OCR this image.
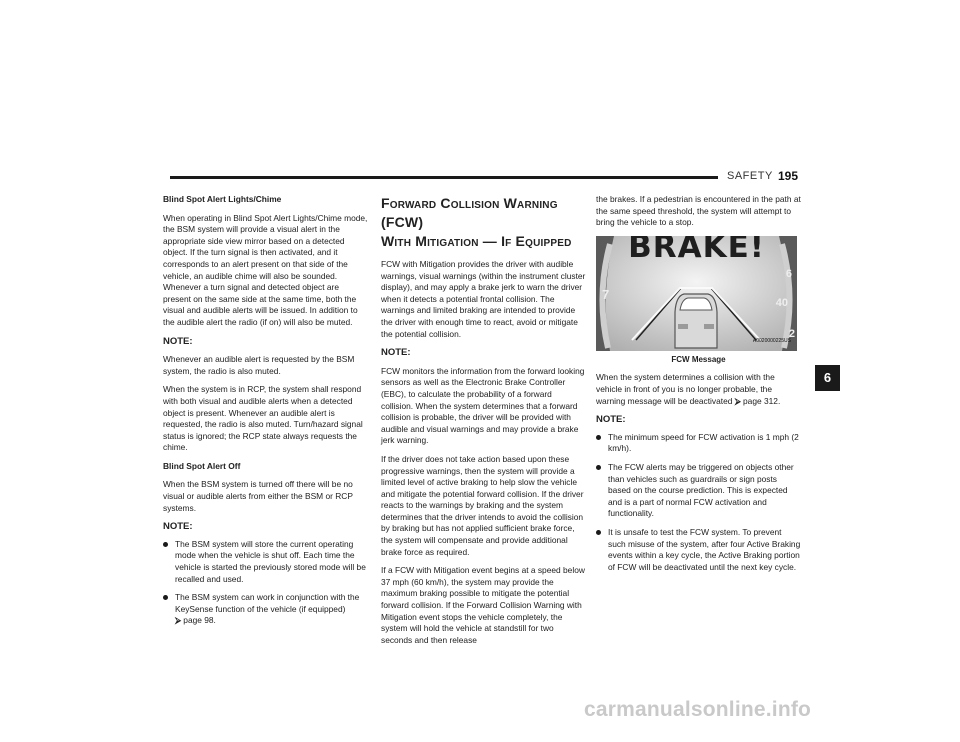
SAFETY 195

Blind Spot Alert Lights/Chime

When operating in Blind Spot Alert Lights/Chime mode, the BSM system will provide a visual alert in the appropriate side view mirror based on a detected object. If the turn signal is then activated, and it corresponds to an alert present on that side of the vehicle, an audible chime will also be sounded. Whenever a turn signal and detected object are present on the same side at the same time, both the visual and audible alerts will be issued. In addition to the audible alert the radio (if on) will also be muted.

NOTE:

Whenever an audible alert is requested by the BSM system, the radio is also muted.

When the system is in RCP, the system shall respond with both visual and audible alerts when a detected object is present. Whenever an audible alert is requested, the radio is also muted. Turn/hazard signal status is ignored; the RCP state always requests the chime.

Blind Spot Alert Off

When the BSM system is turned off there will be no visual or audible alerts from either the BSM or RCP systems.

NOTE:

The BSM system will store the current operating mode when the vehicle is shut off. Each time the vehicle is started the previously stored mode will be recalled and used.
The BSM system can work in conjunction with the KeySense function of the vehicle (if equipped)
⮚ page 98.
Forward Collision Warning (FCW)
With Mitigation — If Equipped

FCW with Mitigation provides the driver with audible warnings, visual warnings (within the instrument cluster display), and may apply a brake jerk to warn the driver when it detects a potential frontal collision. The warnings and limited braking are intended to provide the driver with enough time to react, avoid or mitigate the potential collision.

NOTE:

FCW monitors the information from the forward looking sensors as well as the Electronic Brake Controller (EBC), to calculate the probability of a forward collision. When the system determines that a forward collision is probable, the driver will be provided with audible and visual warnings and may provide a brake jerk warning.

If the driver does not take action based upon these progressive warnings, then the system will provide a limited level of active braking to help slow the vehicle and mitigate the potential forward collision. If the driver reacts to the warnings by braking and the system determines that the driver intends to avoid the collision by braking but has not applied sufficient brake force, the system will compensate and provide additional brake force as required.

If a FCW with Mitigation event begins at a speed below 37 mph (60 km/h), the system may provide the maximum braking possible to mitigate the potential forward collision. If the Forward Collision Warning with Mitigation event stops the vehicle completely, the system will hold the vehicle at standstill for two seconds and then release

the brakes. If a pedestrian is encountered in the path at the same speed threshold, the system will attempt to bring the vehicle to a stop.

BRAKE!
7
6
40
2
A0020000225US

FCW Message

When the system determines a collision with the vehicle in front of you is no longer probable, the warning message will be deactivated ⮚ page 312.

NOTE:

The minimum speed for FCW activation is 1 mph (2 km/h).
The FCW alerts may be triggered on objects other than vehicles such as guardrails or sign posts based on the course prediction. This is expected and is a part of normal FCW activation and functionality.
It is unsafe to test the FCW system. To prevent such misuse of the system, after four Active Braking events within a key cycle, the Active Braking portion of FCW will be deactivated until the next key cycle.
6
carmanualsonline.info
